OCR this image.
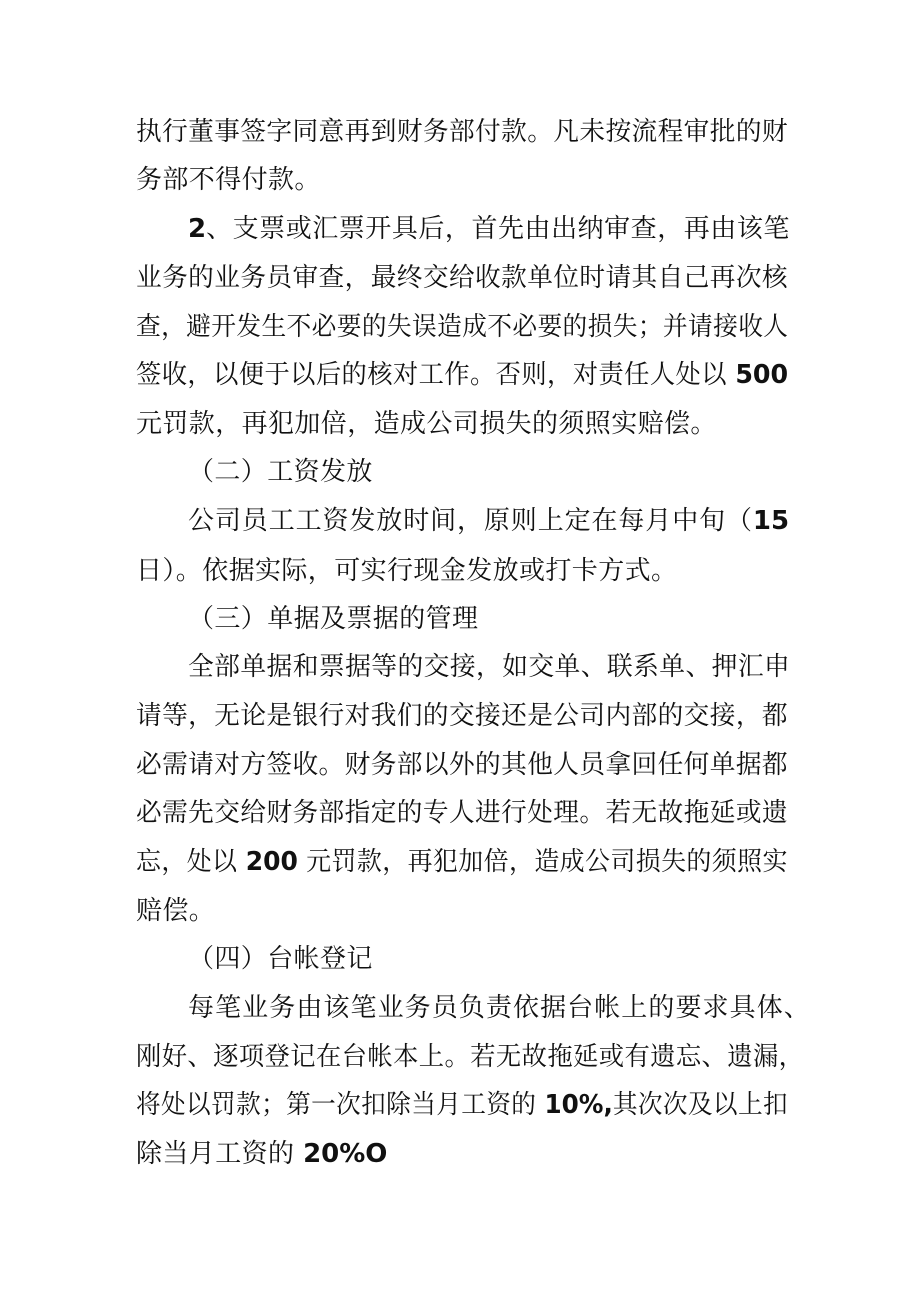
执行董事签字同意再到财务部付款。凡未按流程审批的财
务部不得付款。
2、支票或汇票开具后，首先由出纳审查，再由该笔
业务的业务员审查，最终交给收款单位时请其自己再次核
查，避开发生不必要的失误造成不必要的损失；并请接收人
签收，以便于以后的核对工作。否则，对责任人处以 500
元罚款，再犯加倍，造成公司损失的须照实赔偿。
（二）工资发放
公司员工工资发放时间，原则上定在每月中旬（15
日）。依据实际，可实行现金发放或打卡方式。
（三）单据及票据的管理
全部单据和票据等的交接，如交单、联系单、押汇申
请等，无论是银行对我们的交接还是公司内部的交接，都
必需请对方签收。财务部以外的其他人员拿回任何单据都
必需先交给财务部指定的专人进行处理。若无故拖延或遗
忘，处以 200 元罚款，再犯加倍，造成公司损失的须照实
赔偿。
（四）台帐登记
每笔业务由该笔业务员负责依据台帐上的要求具体、
刚好、逐项登记在台帐本上。若无故拖延或有遗忘、遗漏，
将处以罚款；第一次扣除当月工资的 10%,其次次及以上扣
除当月工资的 20%O
